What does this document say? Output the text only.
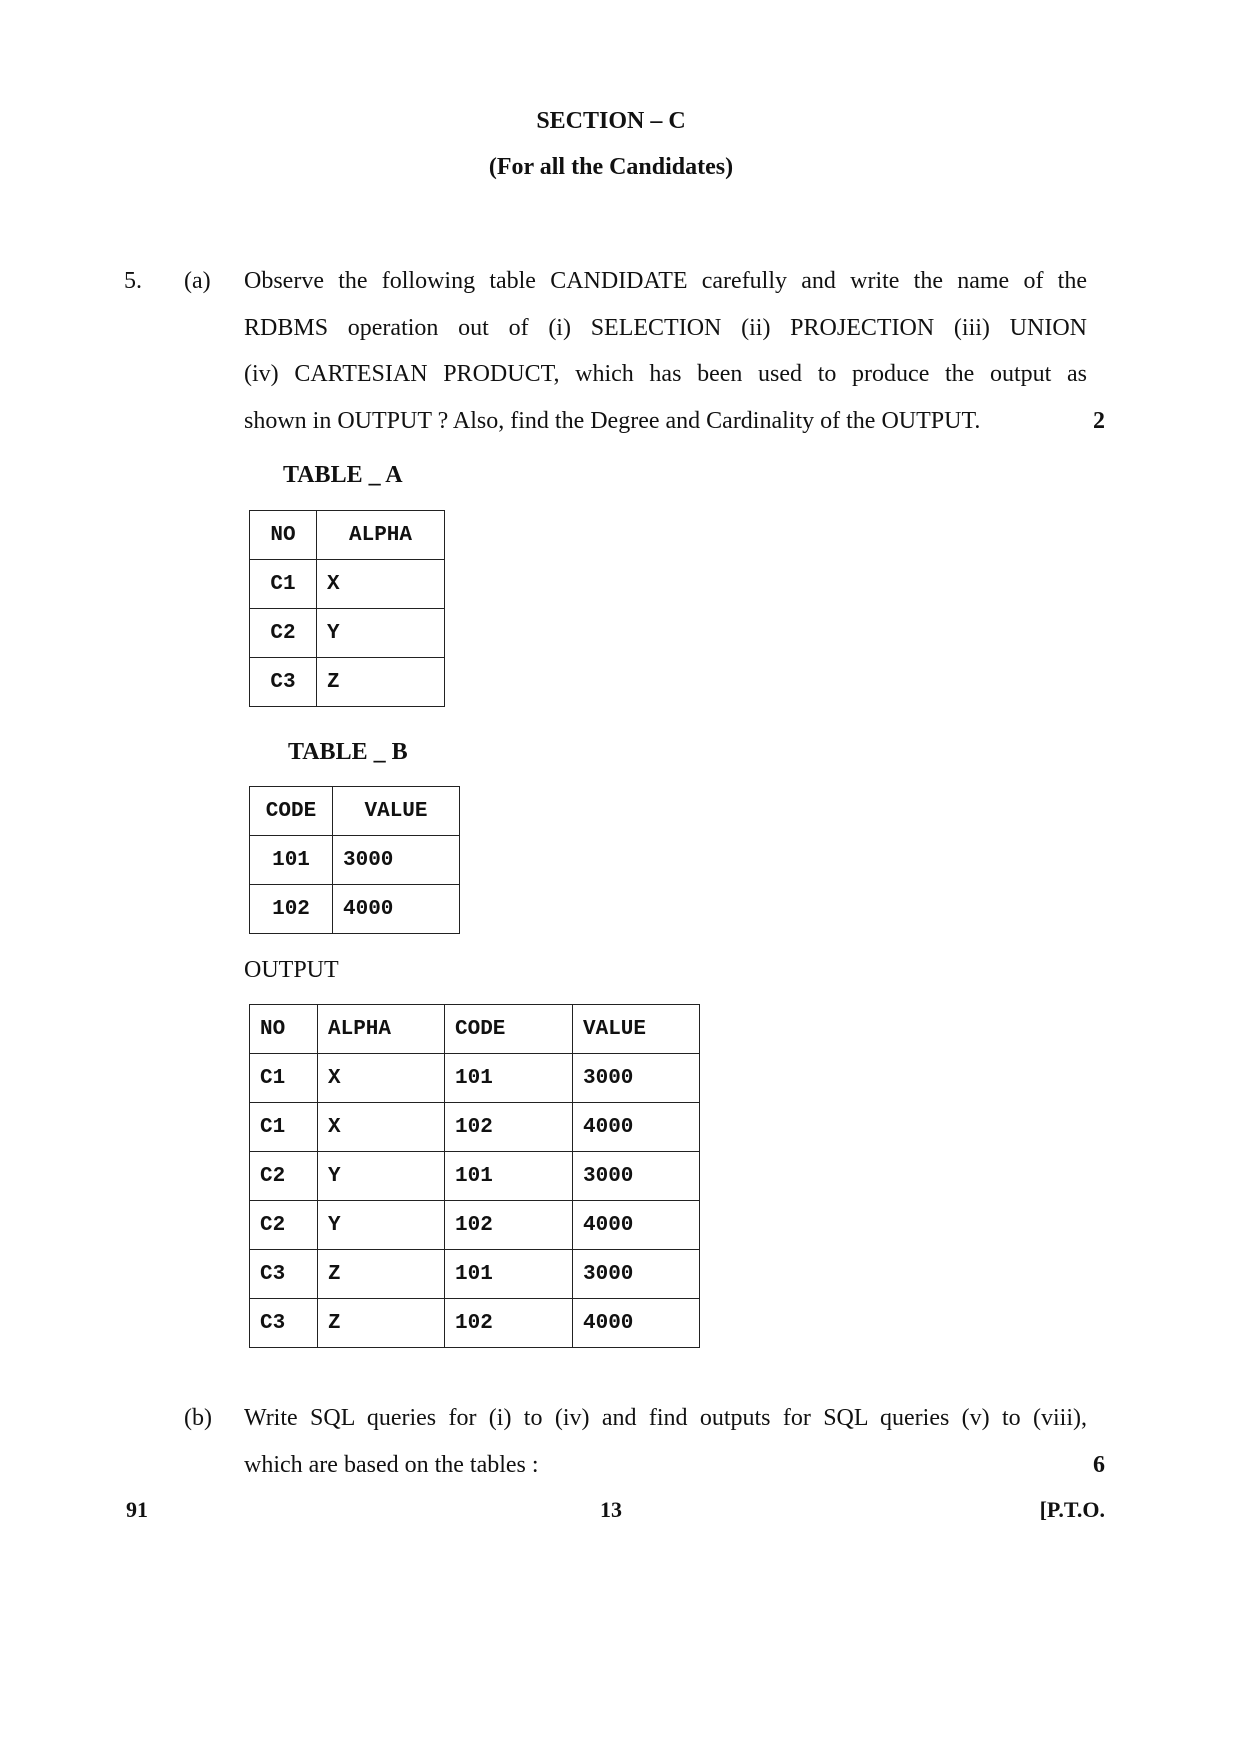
SECTION – C
(For all the Candidates)
5. (a) Observe the following table CANDIDATE carefully and write the name of the
RDBMS operation out of (i) SELECTION (ii) PROJECTION (iii) UNION
(iv) CARTESIAN PRODUCT, which has been used to produce the output as
shown in OUTPUT ? Also, find the Degree and Cardinality of the OUTPUT.	2
TABLE _ A
NO	ALPHA
C1	X
C2	Y
C3	Z
TABLE _ B
CODE	VALUE
101	3000
102	4000
OUTPUT
NO	ALPHA	CODE	VALUE
C1	X	101	3000
C1	X	102	4000
C2	Y	101	3000
C2	Y	102	4000
C3	Z	101	3000
C3	Z	102	4000
(b) Write SQL queries for (i) to (iv) and find outputs for SQL queries (v) to (viii),
which are based on the tables :	6
91	13	[P.T.O.
